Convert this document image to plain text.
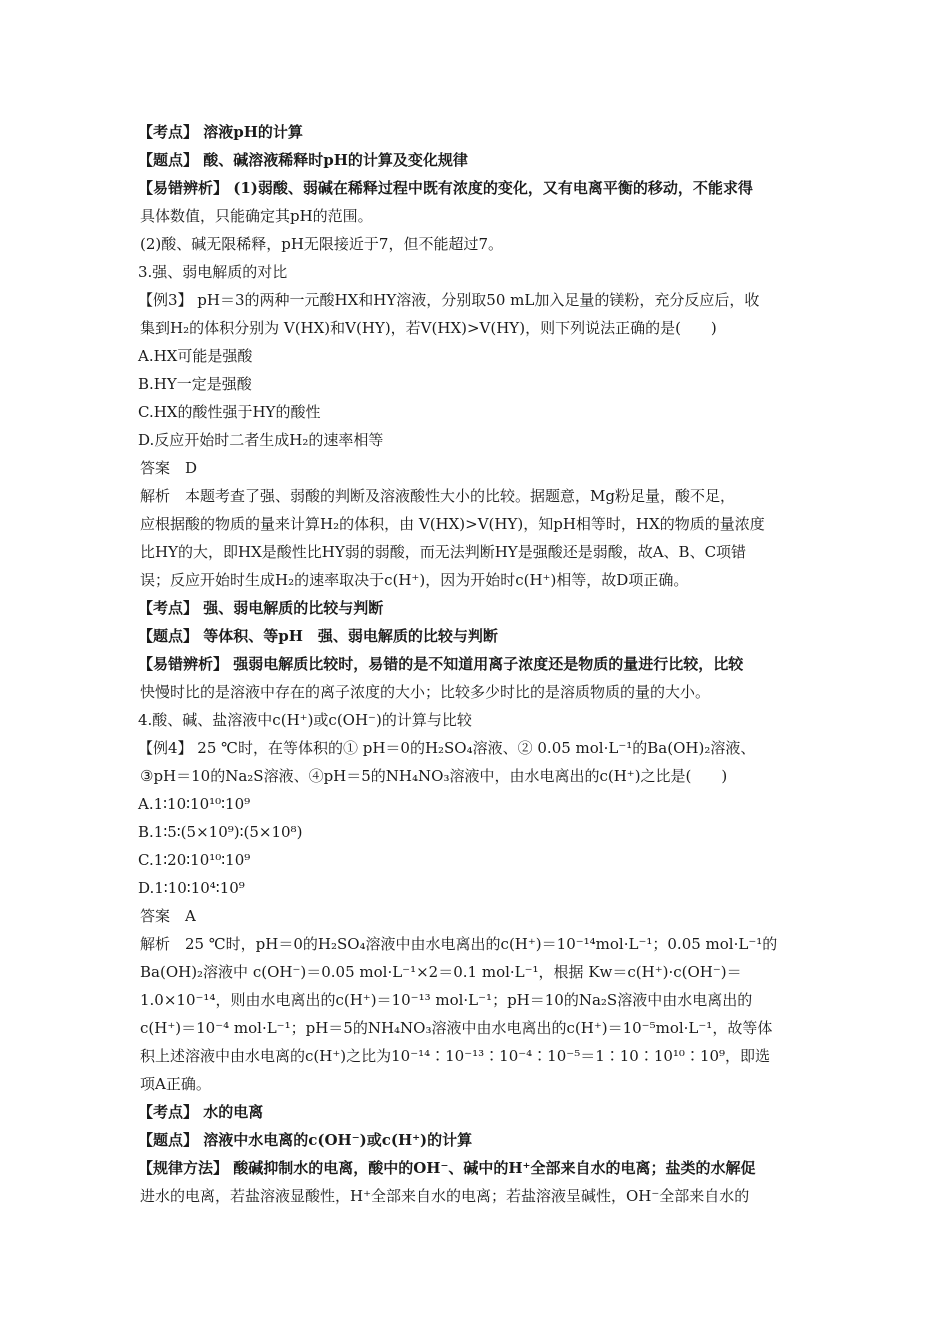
【考点】 溶液pH的计算
【题点】 酸、碱溶液稀释时pH的计算及变化规律
【易错辨析】 (1)弱酸、弱碱在稀释过程中既有浓度的变化，又有电离平衡的移动，不能求得
具体数值，只能确定其pH的范围。
(2)酸、碱无限稀释，pH无限接近于7，但不能超过7。
3.强、弱电解质的对比
【例3】 pH＝3的两种一元酸HX和HY溶液，分别取50 mL加入足量的镁粉，充分反应后，收
集到H₂的体积分别为 V(HX)和V(HY)，若V(HX)>V(HY)，则下列说法正确的是(　　)
A.HX可能是强酸
B.HY一定是强酸
C.HX的酸性强于HY的酸性
D.反应开始时二者生成H₂的速率相等
答案　D
解析　本题考查了强、弱酸的判断及溶液酸性大小的比较。据题意，Mg粉足量，酸不足，
应根据酸的物质的量来计算H₂的体积，由 V(HX)>V(HY)，知pH相等时，HX的物质的量浓度
比HY的大，即HX是酸性比HY弱的弱酸，而无法判断HY是强酸还是弱酸，故A、B、C项错
误；反应开始时生成H₂的速率取决于c(H⁺)，因为开始时c(H⁺)相等，故D项正确。
【考点】 强、弱电解质的比较与判断
【题点】 等体积、等pH　强、弱电解质的比较与判断
【易错辨析】 强弱电解质比较时，易错的是不知道用离子浓度还是物质的量进行比较，比较
快慢时比的是溶液中存在的离子浓度的大小；比较多少时比的是溶质物质的量的大小。
4.酸、碱、盐溶液中c(H⁺)或c(OH⁻)的计算与比较
【例4】 25 ℃时，在等体积的① pH＝0的H₂SO₄溶液、② 0.05 mol·L⁻¹的Ba(OH)₂溶液、
③pH＝10的Na₂S溶液、④pH＝5的NH₄NO₃溶液中，由水电离出的c(H⁺)之比是(　　)
A.1∶10∶10¹⁰∶10⁹
B.1∶5∶(5×10⁹)∶(5×10⁸)
C.1∶20∶10¹⁰∶10⁹
D.1∶10∶10⁴∶10⁹
答案　A
解析　25 ℃时，pH＝0的H₂SO₄溶液中由水电离出的c(H⁺)＝10⁻¹⁴mol·L⁻¹；0.05 mol·L⁻¹的
Ba(OH)₂溶液中 c(OH⁻)＝0.05 mol·L⁻¹×2＝0.1 mol·L⁻¹，根据 Kw＝c(H⁺)·c(OH⁻)＝
1.0×10⁻¹⁴，则由水电离出的c(H⁺)＝10⁻¹³ mol·L⁻¹；pH＝10的Na₂S溶液中由水电离出的
c(H⁺)＝10⁻⁴ mol·L⁻¹；pH＝5的NH₄NO₃溶液中由水电离出的c(H⁺)＝10⁻⁵mol·L⁻¹，故等体
积上述溶液中由水电离的c(H⁺)之比为10⁻¹⁴∶10⁻¹³∶10⁻⁴∶10⁻⁵＝1∶10∶10¹⁰∶10⁹，即选
项A正确。
【考点】 水的电离
【题点】 溶液中水电离的c(OH⁻)或c(H⁺)的计算
【规律方法】 酸碱抑制水的电离，酸中的OH⁻、碱中的H⁺全部来自水的电离；盐类的水解促
进水的电离，若盐溶液显酸性，H⁺全部来自水的电离；若盐溶液呈碱性，OH⁻全部来自水的
